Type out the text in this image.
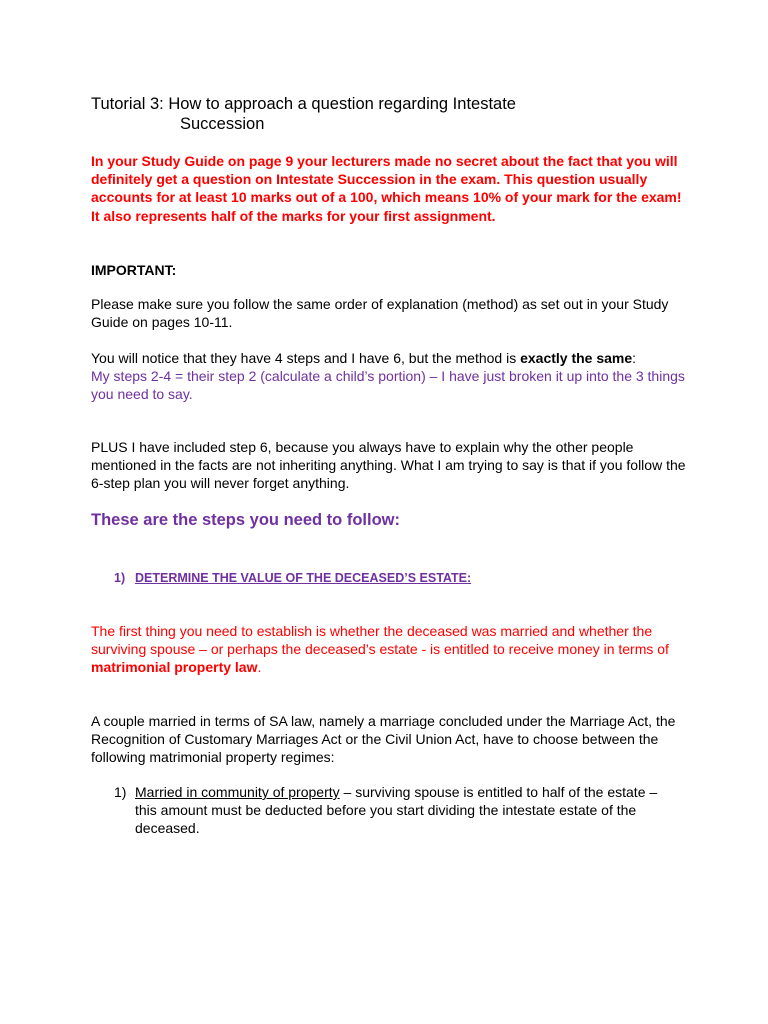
Tutorial 3: How to approach a question regarding Intestate
Succession

In your Study Guide on page 9 your lecturers made no secret about the fact that you will definitely get a question on Intestate Succession in the exam. This question usually accounts for at least 10 marks out of a 100, which means 10% of your mark for the exam! It also represents half of the marks for your first assignment.

IMPORTANT:

Please make sure you follow the same order of explanation (method) as set out in your Study Guide on pages 10-11.

You will notice that they have 4 steps and I have 6, but the method is exactly the same:
My steps 2-4 = their step 2 (calculate a child’s portion) – I have just broken it up into the 3 things you need to say.

PLUS I have included step 6, because you always have to explain why the other people mentioned in the facts are not inheriting anything. What I am trying to say is that if you follow the 6-step plan you will never forget anything.

These are the steps you need to follow:

1) DETERMINE THE VALUE OF THE DECEASED’S ESTATE:

The first thing you need to establish is whether the deceased was married and whether the surviving spouse – or perhaps the deceased’s estate - is entitled to receive money in terms of matrimonial property law.

A couple married in terms of SA law, namely a marriage concluded under the Marriage Act, the Recognition of Customary Marriages Act or the Civil Union Act, have to choose between the following matrimonial property regimes:

1) Married in community of property – surviving spouse is entitled to half of the estate – this amount must be deducted before you start dividing the intestate estate of the deceased.
